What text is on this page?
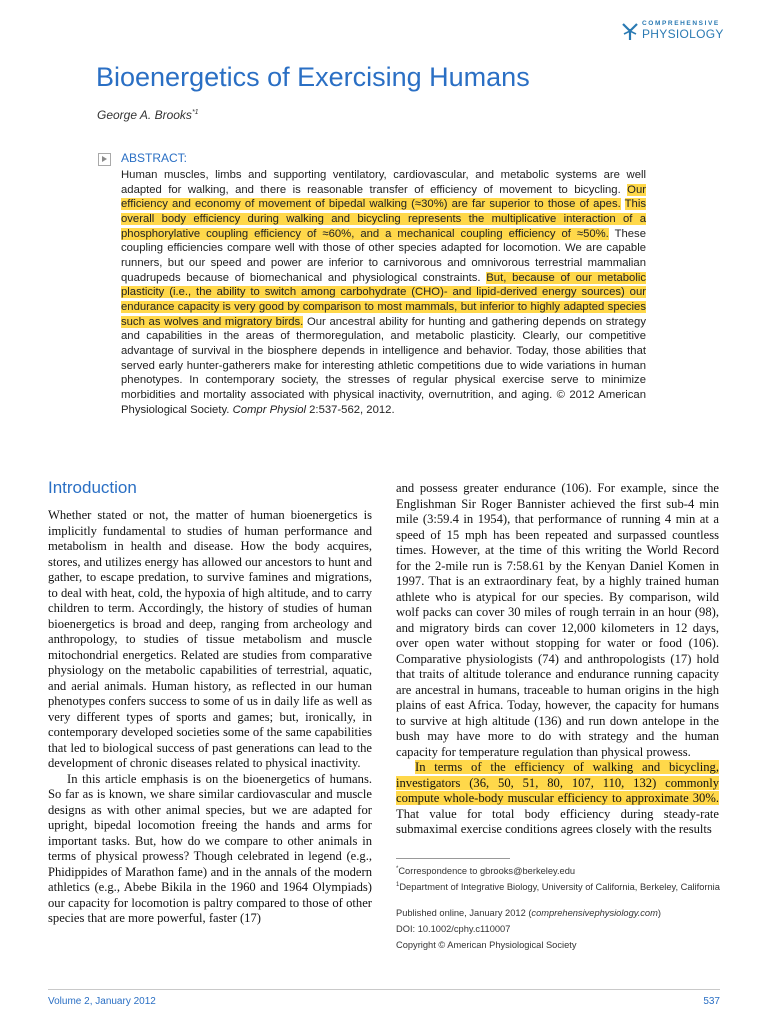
COMPREHENSIVE
PHYSIOLOGY
Bioenergetics of Exercising Humans
George A. Brooks$^{*1}$
ABSTRACT:

Human muscles, limbs and supporting ventilatory, cardiovascular, and metabolic systems are well adapted for walking, and there is reasonable transfer of efficiency of movement to bicycling. Our efficiency and economy of movement of bipedal walking (≈30%) are far superior to those of apes. This overall body efficiency during walking and bicycling represents the multiplicative interaction of a phosphorylative coupling efficiency of ≈60%, and a mechanical coupling efficiency of ≈50%. These coupling efficiencies compare well with those of other species adapted for locomotion. We are capable runners, but our speed and power are inferior to carnivorous and omnivorous terrestrial mammalian quadrupeds because of biomechanical and physiological constraints. But, because of our metabolic plasticity (i.e., the ability to switch among carbohydrate (CHO)- and lipid-derived energy sources) our endurance capacity is very good by comparison to most mammals, but inferior to highly adapted species such as wolves and migratory birds. Our ancestral ability for hunting and gathering depends on strategy and capabilities in the areas of thermoregulation, and metabolic plasticity. Clearly, our competitive advantage of survival in the biosphere depends in intelligence and behavior. Today, those abilities that served early hunter-gatherers make for interesting athletic competitions due to wide variations in human phenotypes. In contemporary society, the stresses of regular physical exercise serve to minimize morbidities and mortality associated with physical inactivity, overnutrition, and aging. © 2012 American Physiological Society. Compr Physiol 2:537-562, 2012.

Introduction

Whether stated or not, the matter of human bioenergetics is implicitly fundamental to studies of human performance and metabolism in health and disease. How the body acquires, stores, and utilizes energy has allowed our ancestors to hunt and gather, to escape predation, to survive famines and migrations, to deal with heat, cold, the hypoxia of high altitude, and to carry children to term. Accordingly, the history of studies of human bioenergetics is broad and deep, ranging from archeology and anthropology, to studies of tissue metabolism and muscle mitochondrial energetics. Related are studies from comparative physiology on the metabolic capabilities of terrestrial, aquatic, and aerial animals. Human history, as reflected in our human phenotypes confers success to some of us in daily life as well as very different types of sports and games; but, ironically, in contemporary developed societies some of the same capabilities that led to biological success of past generations can lead to the development of chronic diseases related to physical inactivity.

In this article emphasis is on the bioenergetics of humans. So far as is known, we share similar cardiovascular and muscle designs as with other animal species, but we are adapted for upright, bipedal locomotion freeing the hands and arms for important tasks. But, how do we compare to other animals in terms of physical prowess? Though celebrated in legend (e.g., Phidippides of Marathon fame) and in the annals of the modern athletics (e.g., Abebe Bikila in the 1960 and 1964 Olympiads) our capacity for locomotion is paltry compared to those of other species that are more powerful, faster (17)

and possess greater endurance (106). For example, since the Englishman Sir Roger Bannister achieved the first sub-4 min mile (3:59.4 in 1954), that performance of running 4 min at a speed of 15 mph has been repeated and surpassed countless times. However, at the time of this writing the World Record for the 2-mile run is 7:58.61 by the Kenyan Daniel Komen in 1997. That is an extraordinary feat, by a highly trained human athlete who is atypical for our species. By comparison, wild wolf packs can cover 30 miles of rough terrain in an hour (98), and migratory birds can cover 12,000 kilometers in 12 days, over open water without stopping for water or food (106). Comparative physiologists (74) and anthropologists (17) hold that traits of altitude tolerance and endurance running capacity are ancestral in humans, traceable to human origins in the high plains of east Africa. Today, however, the capacity for humans to survive at high altitude (136) and run down antelope in the bush may have more to do with strategy and the human capacity for temperature regulation than physical prowess.

In terms of the efficiency of walking and bicycling, investigators (36, 50, 51, 80, 107, 110, 132) commonly compute whole-body muscular efficiency to approximate 30%. That value for total body efficiency during steady-rate submaximal exercise conditions agrees closely with the results

*Correspondence to gbrooks@berkeley.edu

$^1$Department of Integrative Biology, University of California, Berkeley, California

Published online, January 2012 (comprehensivephysiology.com)

DOI: 10.1002/cphy.c110007

Copyright © American Physiological Society

Volume 2, January 2012	537
